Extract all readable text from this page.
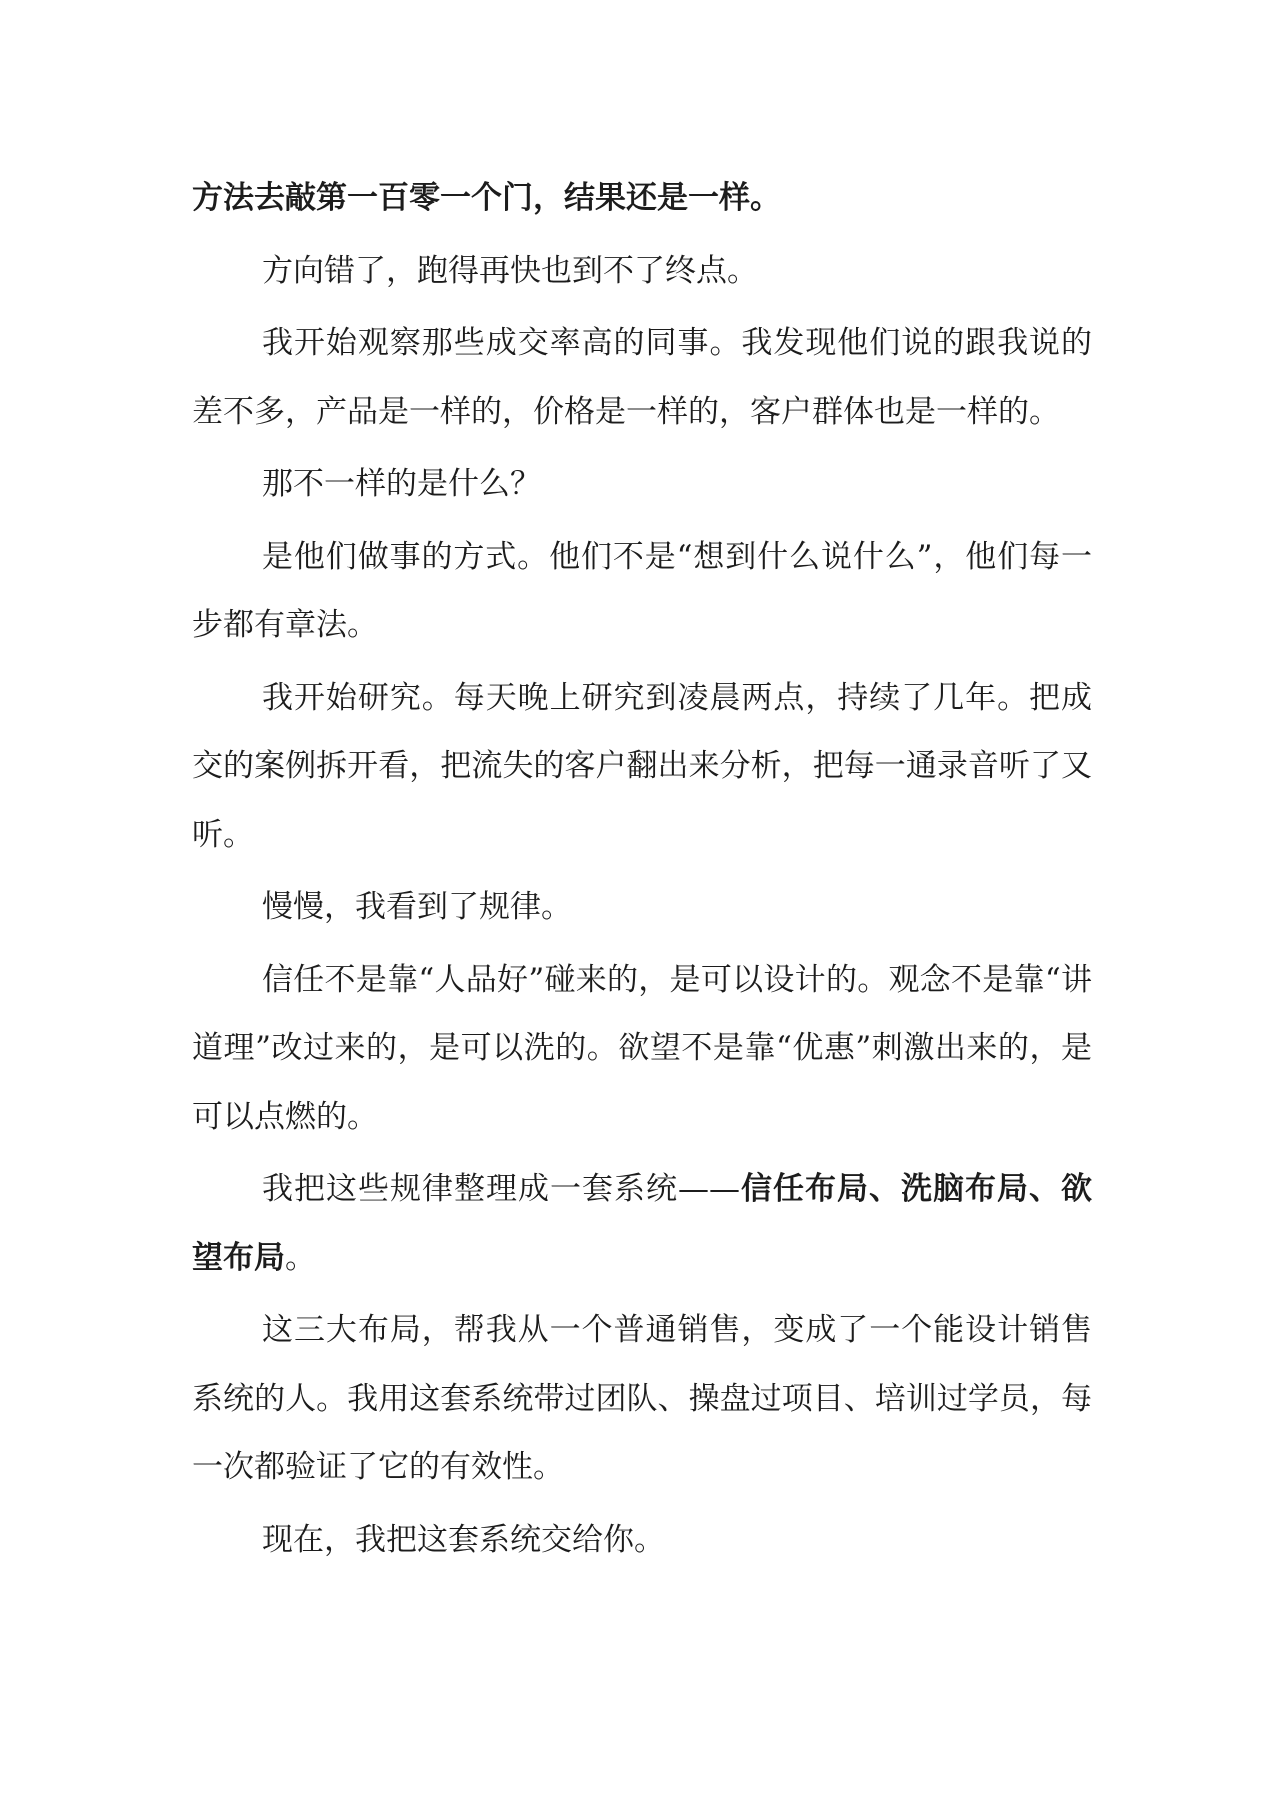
方法去敲第一百零一个门，结果还是一样。

方向错了，跑得再快也到不了终点。

我开始观察那些成交率高的同事。我发现他们说的跟我说的差不多，产品是一样的，价格是一样的，客户群体也是一样的。

那不一样的是什么？

是他们做事的方式。他们不是“想到什么说什么”，他们每一步都有章法。

我开始研究。每天晚上研究到凌晨两点，持续了几年。把成交的案例拆开看，把流失的客户翻出来分析，把每一通录音听了又听。

慢慢，我看到了规律。

信任不是靠“人品好”碰来的，是可以设计的。观念不是靠“讲道理”改过来的，是可以洗的。欲望不是靠“优惠”刺激出来的，是可以点燃的。

我把这些规律整理成一套系统——信任布局、洗脑布局、欲望布局。

这三大布局，帮我从一个普通销售，变成了一个能设计销售系统的人。我用这套系统带过团队、操盘过项目、培训过学员，每一次都验证了它的有效性。

现在，我把这套系统交给你。
